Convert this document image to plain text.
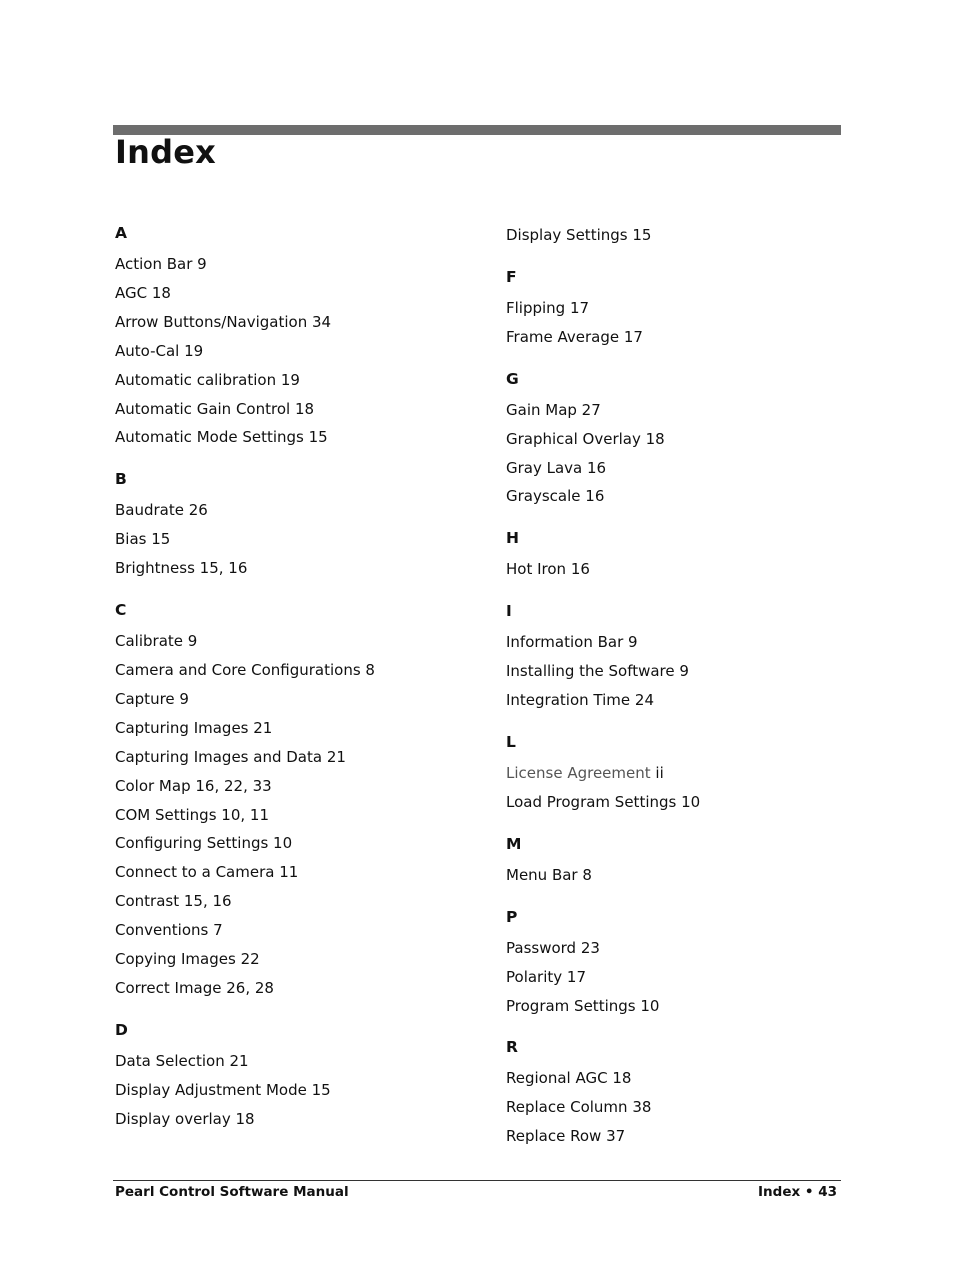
Index
A
Action Bar 9
AGC 18
Arrow Buttons/Navigation 34
Auto-Cal 19
Automatic calibration 19
Automatic Gain Control 18
Automatic Mode Settings 15
B
Baudrate 26
Bias 15
Brightness 15, 16
C
Calibrate 9
Camera and Core Configurations 8
Capture 9
Capturing Images 21
Capturing Images and Data 21
Color Map 16, 22, 33
COM Settings 10, 11
Configuring Settings 10
Connect to a Camera 11
Contrast 15, 16
Conventions 7
Copying Images 22
Correct Image 26, 28
D
Data Selection 21
Display Adjustment Mode 15
Display overlay 18
Display Settings 15
F
Flipping 17
Frame Average 17
G
Gain Map 27
Graphical Overlay 18
Gray Lava 16
Grayscale 16
H
Hot Iron 16
I
Information Bar 9
Installing the Software 9
Integration Time 24
L
License Agreement ii
Load Program Settings 10
M
Menu Bar 8
P
Password 23
Polarity 17
Program Settings 10
R
Regional AGC 18
Replace Column 38
Replace Row 37
Pearl Control Software Manual	Index • 43
